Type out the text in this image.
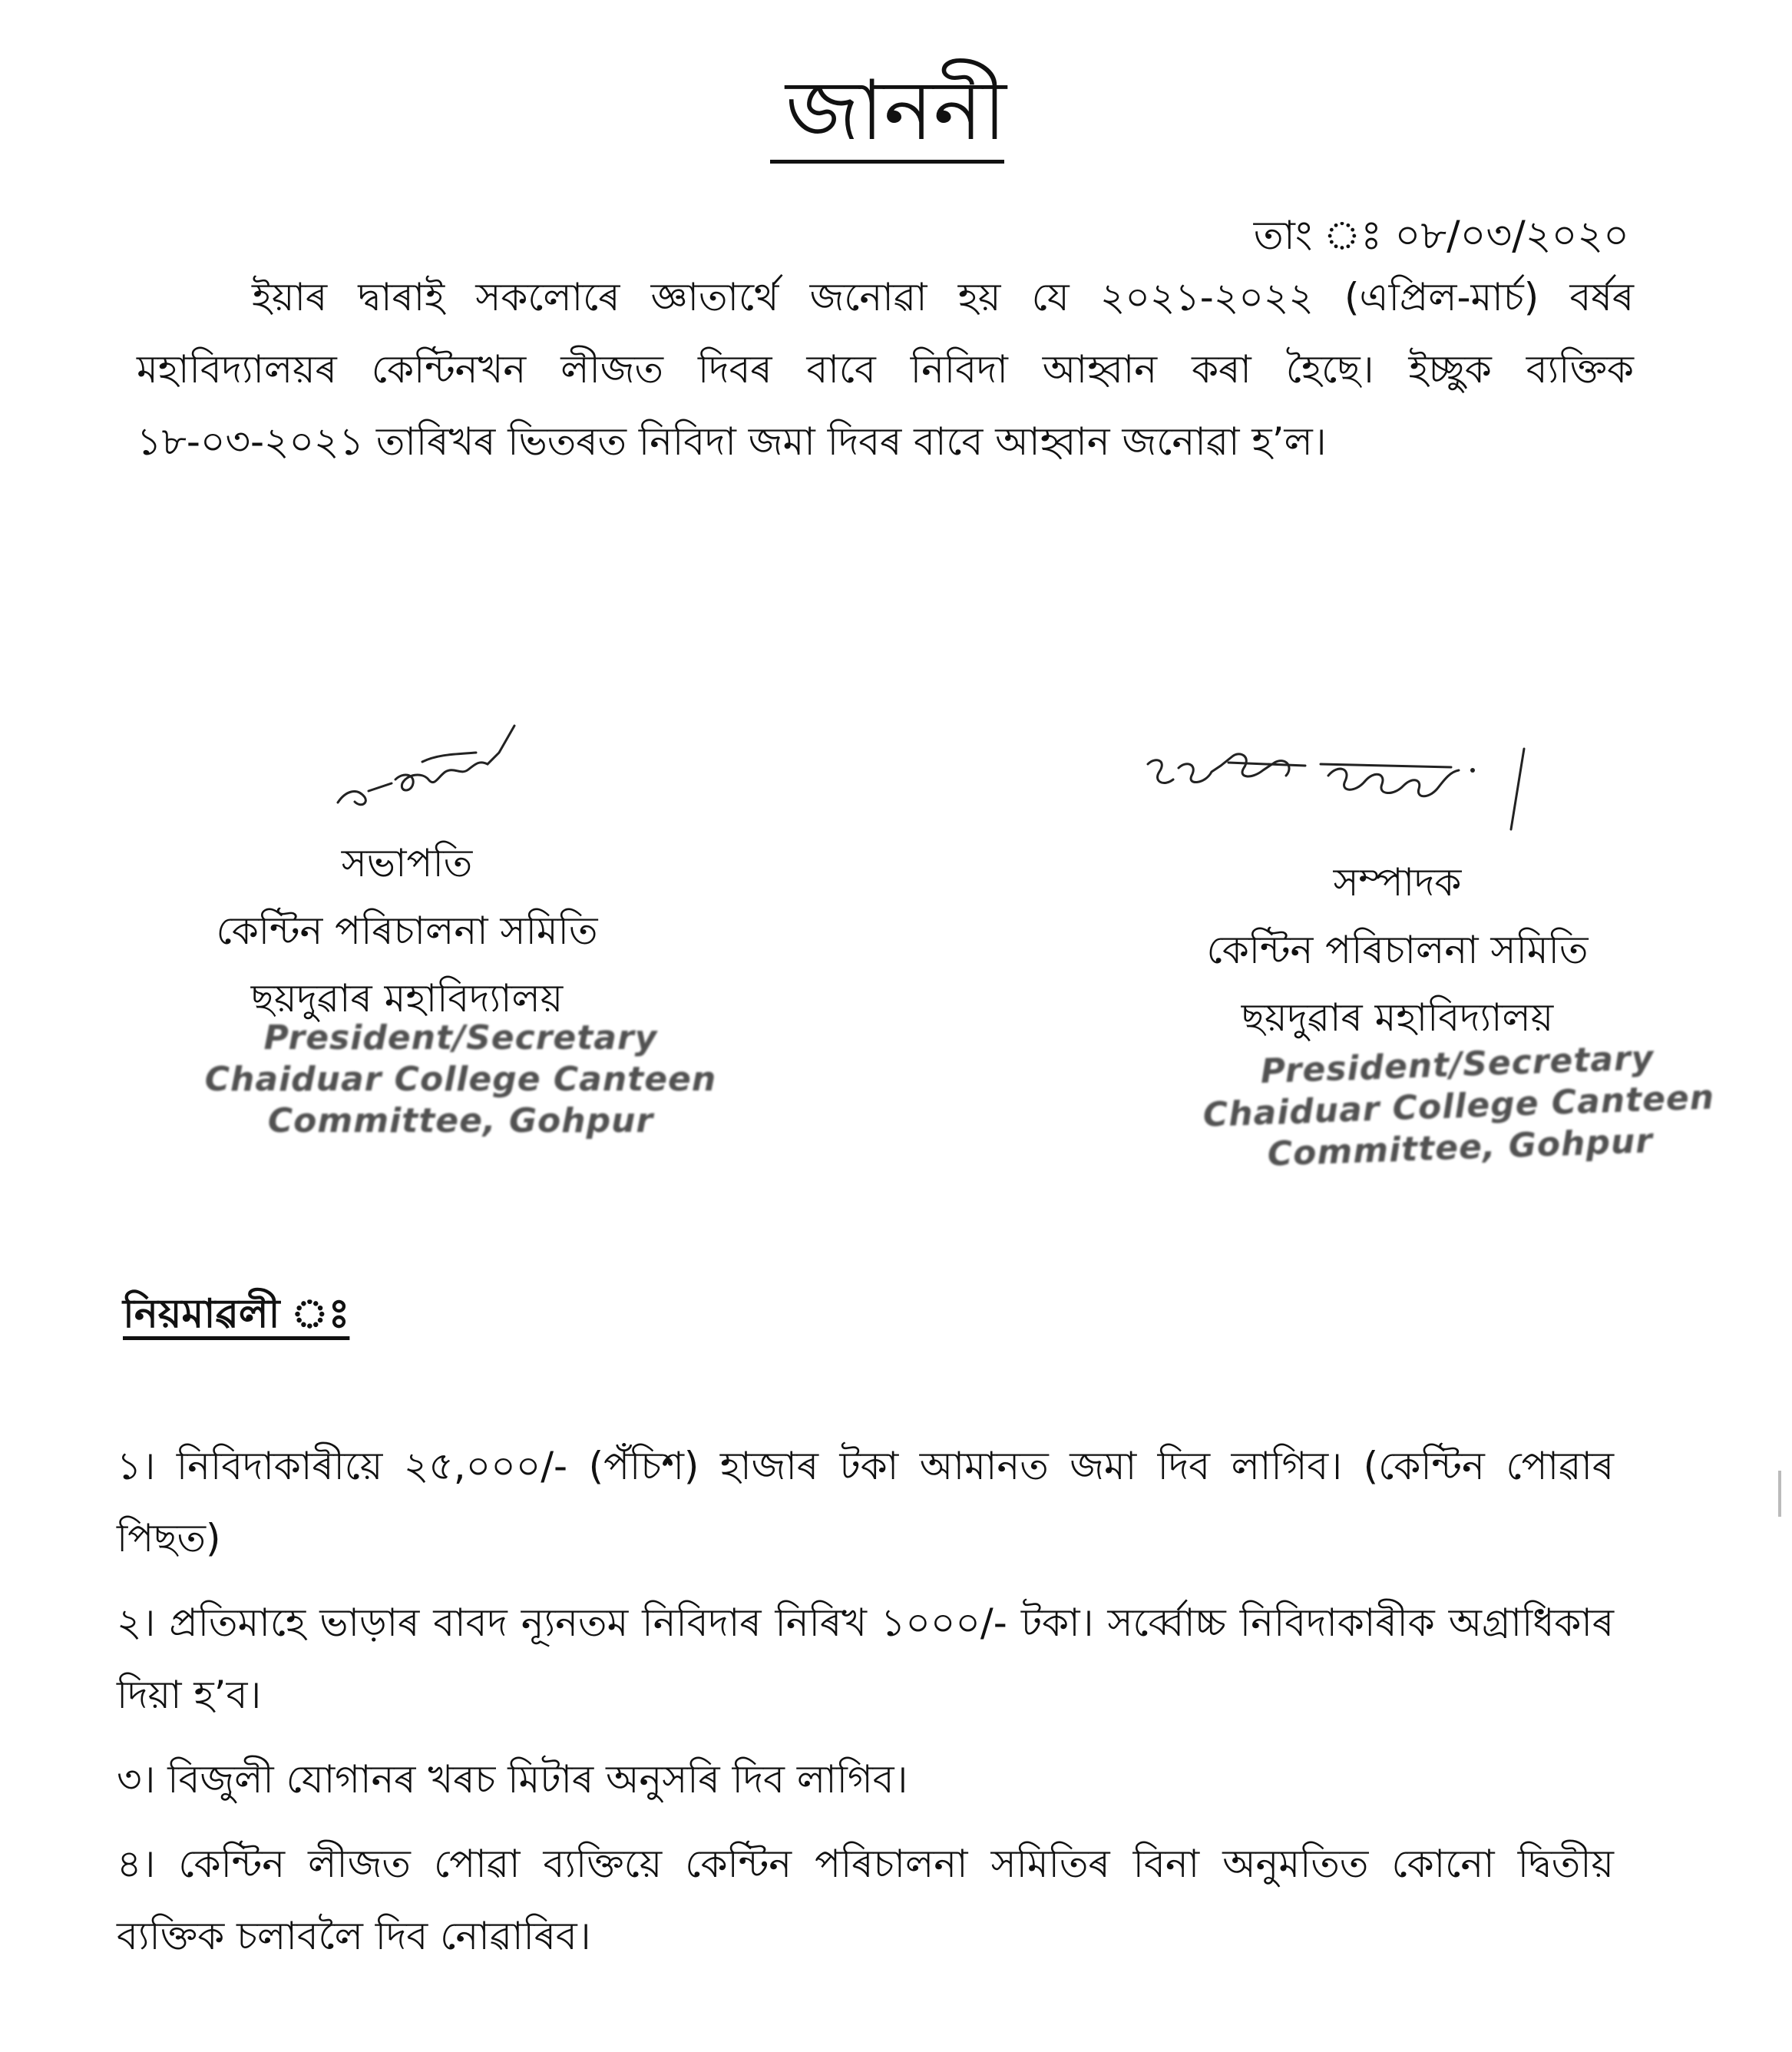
জাননী
তাং ঃ ০৮/০৩/২০২০
ইয়াৰ দ্বাৰাই সকলোৰে জ্ঞাতার্থে জনোৱা হয় যে ২০২১-২০২২ (এপ্রিল-মার্চ) বর্ষৰ মহাবিদ্যালয়ৰ কেন্টিনখন লীজত দিবৰ বাবে নিবিদা আহ্বান কৰা হৈছে। ইচ্ছুক ব্যক্তিক ১৮-০৩-২০২১ তাৰিখৰ ভিতৰত নিবিদা জমা দিবৰ বাবে আহ্বান জনোৱা হ’ল।
সভাপতি
কেন্টিন পৰিচালনা সমিতি
ছয়দুৱাৰ মহাবিদ্যালয়
President/Secretary
Chaiduar College Canteen
Committee, Gohpur
সম্পাদক
কেন্টিন পৰিচালনা সমিতি
ছয়দুৱাৰ মহাবিদ্যালয়
President/Secretary
Chaiduar College Canteen
Committee, Gohpur
নিয়মাৱলী ঃ

১। নিবিদাকাৰীয়ে ২৫,০০০/- (পঁচিশ) হাজাৰ টকা আমানত জমা দিব লাগিব। (কেন্টিন পোৱাৰ পিছত)

২। প্রতিমাহে ভাড়াৰ বাবদ ন্যূনতম নিবিদাৰ নিৰিখ ১০০০/- টকা। সর্ব্বোচ্চ নিবিদাকাৰীক অগ্রাধিকাৰ দিয়া হ’ব।

৩। বিজুলী যোগানৰ খৰচ মিটাৰ অনুসৰি দিব লাগিব।

৪। কেন্টিন লীজত পোৱা ব্যক্তিয়ে কেন্টিন পৰিচালনা সমিতিৰ বিনা অনুমতিত কোনো দ্বিতীয় ব্যক্তিক চলাবলৈ দিব নোৱাৰিব।
